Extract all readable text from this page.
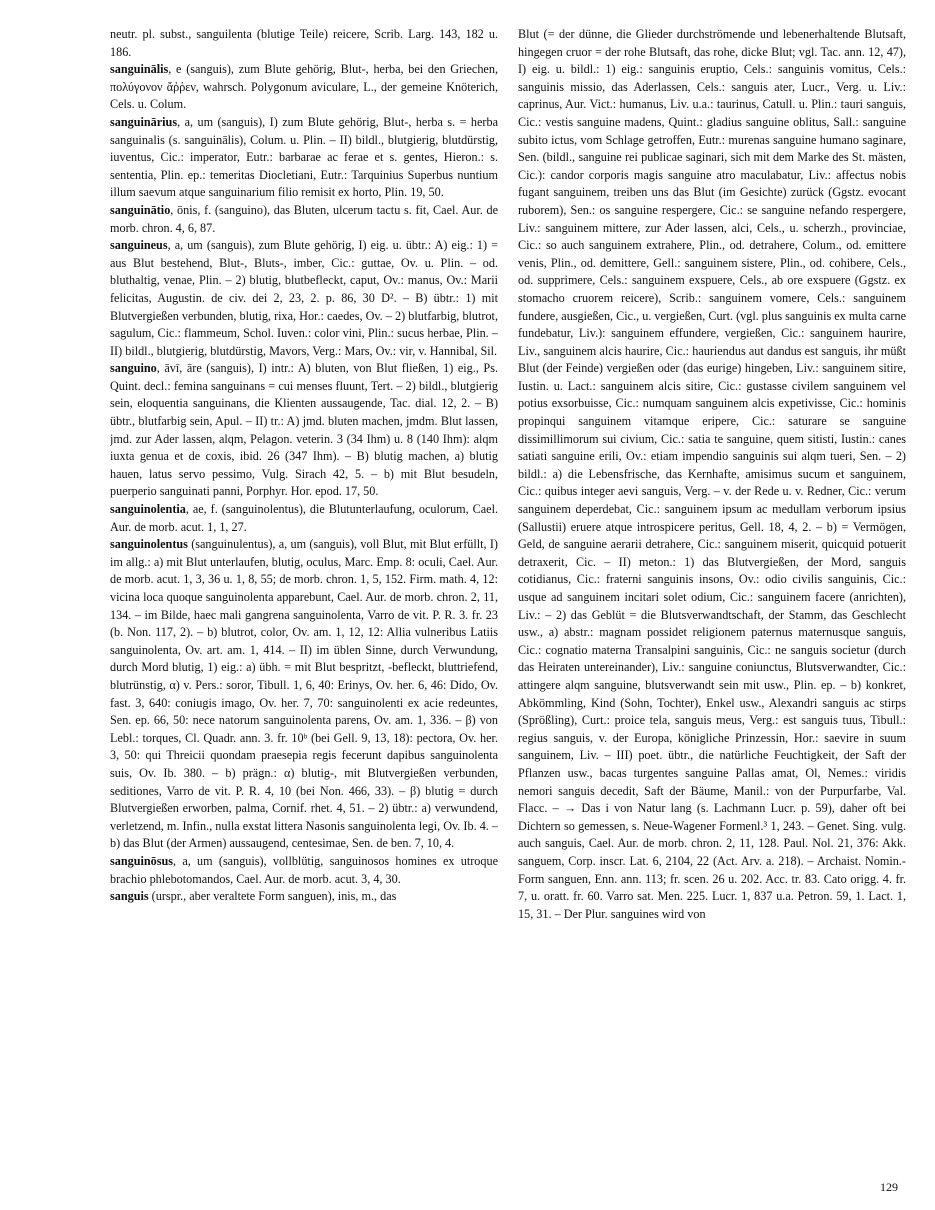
neutr. pl. subst., sanguilenta (blutige Teile) reicere, Scrib. Larg. 143, 182 u. 186.

sanguinālis, e (sanguis), zum Blute gehörig, Blut-, herba, bei den Griechen, πολύγονον ἄῤῥεν, wahrsch. Polygonum aviculare, L., der gemeine Knöterich, Cels. u. Colum.

sanguinārius, a, um (sanguis), I) zum Blute gehörig, Blut-, herba s. = herba sanguinalis (s. sanguinālis), Colum. u. Plin. – II) bildl., blutgierig, blutdürstig, iuventus, Cic.: imperator, Eutr.: barbarae ac ferae et s. gentes, Hieron.: s. sententia, Plin. ep.: temeritas Diocletiani, Eutr.: Tarquinius Superbus nuntium illum saevum atque sanguinarium filio remisit ex horto, Plin. 19, 50.

sanguinātio, ōnis, f. (sanguino), das Bluten, ulcerum tactu s. fit, Cael. Aur. de morb. chron. 4, 6, 87.

sanguineus, a, um (sanguis), zum Blute gehörig, I) eig. u. übtr.: A) eig.: 1) = aus Blut bestehend, Blut-, Bluts-, imber, Cic.: guttae, Ov. u. Plin. – od. bluthaltig, venae, Plin. – 2) blutig, blutbefleckt, caput, Ov.: manus, Ov.: Marii felicitas, Augustin. de civ. dei 2, 23, 2. p. 86, 30 D². – B) übtr.: 1) mit Blutvergießen verbunden, blutig, rixa, Hor.: caedes, Ov. – 2) blutfarbig, blutrot, sagulum, Cic.: flammeum, Schol. Iuven.: color vini, Plin.: sucus herbae, Plin. – II) bildl., blutgierig, blutdürstig, Mavors, Verg.: Mars, Ov.: vir, v. Hannibal, Sil.

sanguino, āvī, āre (sanguis), I) intr.: A) bluten, von Blut fließen, 1) eig., Ps. Quint. decl.: femina sanguinans = cui menses fluunt, Tert. – 2) bildl., blutgierig sein, eloquentia sanguinans, die Klienten aussaugende, Tac. dial. 12, 2. – B) übtr., blutfarbig sein, Apul. – II) tr.: A) jmd. bluten machen, jmdm. Blut lassen, jmd. zur Ader lassen, alqm, Pelagon. veterin. 3 (34 Ihm) u. 8 (140 Ihm): alqm iuxta genua et de coxis, ibid. 26 (347 Ihm). – B) blutig machen, a) blutig hauen, latus servo pessimo, Vulg. Sirach 42, 5. – b) mit Blut besudeln, puerperio sanguinati panni, Porphyr. Hor. epod. 17, 50.

sanguinolentia, ae, f. (sanguinolentus), die Blutunterlaufung, oculorum, Cael. Aur. de morb. acut. 1, 1, 27.

sanguinolentus (sanguinulentus), a, um (sanguis), voll Blut, mit Blut erfüllt, I) im allg.: a) mit Blut unterlaufen, blutig, oculus, Marc. Emp. 8: oculi, Cael. Aur. de morb. acut. 1, 3, 36 u. 1, 8, 55; de morb. chron. 1, 5, 152. Firm. math. 4, 12: vicina loca quoque sanguinolenta apparebunt, Cael. Aur. de morb. chron. 2, 11, 134. – im Bilde, haec mali gangrena sanguinolenta, Varro de vit. P. R. 3. fr. 23 (b. Non. 117, 2). – b) blutrot, color, Ov. am. 1, 12, 12: Allia vulneribus Latiis sanguinolenta, Ov. art. am. 1, 414. – II) im üblen Sinne, durch Verwundung, durch Mord blutig, 1) eig.: a) übh. = mit Blut bespritzt, -befleckt, bluttriefend, blutrünstig, α) v. Pers.: soror, Tibull. 1, 6, 40: Erinys, Ov. her. 6, 46: Dido, Ov. fast. 3, 640: coniugis imago, Ov. her. 7, 70: sanguinolenti ex acie redeuntes, Sen. ep. 66, 50: nece natorum sanguinolenta parens, Ov. am. 1, 336. – β) von Lebl.: torques, Cl. Quadr. ann. 3. fr. 10ᵇ (bei Gell. 9, 13, 18): pectora, Ov. her. 3, 50: qui Threicii quondam praesepia regis fecerunt dapibus sanguinolenta suis, Ov. Ib. 380. – b) prägn.: α) blutig-, mit Blutvergießen verbunden, seditiones, Varro de vit. P. R. 4, 10 (bei Non. 466, 33). – β) blutig = durch Blutvergießen erworben, palma, Cornif. rhet. 4, 51. – 2) übtr.: a) verwundend, verletzend, m. Infin., nulla exstat littera Nasonis sanguinolenta legi, Ov. Ib. 4. – b) das Blut (der Armen) aussaugend, centesimae, Sen. de ben. 7, 10, 4.

sanguinōsus, a, um (sanguis), vollblütig, sanguinosos homines ex utroque brachio phlebotomandos, Cael. Aur. de morb. acut. 3, 4, 30.

sanguis (urspr., aber veraltete Form sanguen), inis, m., das

Blut (= der dünne, die Glieder durchströmende und lebenerhaltende Blutsaft, hingegen cruor = der rohe Blutsaft, das rohe, dicke Blut; vgl. Tac. ann. 12, 47), I) eig. u. bildl.: 1) eig.: sanguinis eruptio, Cels.: sanguinis vomitus, Cels.: sanguinis missio, das Aderlassen, Cels.: sanguis ater, Lucr., Verg. u. Liv.: caprinus, Aur. Vict.: humanus, Liv. u.a.: taurinus, Catull. u. Plin.: tauri sanguis, Cic.: vestis sanguine madens, Quint.: gladius sanguine oblitus, Sall.: sanguine subito ictus, vom Schlage getroffen, Eutr.: murenas sanguine humano saginare, Sen. (bildl., sanguine rei publicae saginari, sich mit dem Marke des St. mästen, Cic.): candor corporis magis sanguine atro maculabatur, Liv.: affectus nobis fugant sanguinem, treiben uns das Blut (im Gesichte) zurück (Ggstz. evocant ruborem), Sen.: os sanguine respergere, Cic.: se sanguine nefando respergere, Liv.: sanguinem mittere, zur Ader lassen, alci, Cels., u. scherzh., provinciae, Cic.: so auch sanguinem extrahere, Plin., od. detrahere, Colum., od. emittere venis, Plin., od. demittere, Gell.: sanguinem sistere, Plin., od. cohibere, Cels., od. supprimere, Cels.: sanguinem exspuere, Cels., ab ore exspuere (Ggstz. ex stomacho cruorem reicere), Scrib.: sanguinem vomere, Cels.: sanguinem fundere, ausgießen, Cic., u. vergießen, Curt. (vgl. plus sanguinis ex multa carne fundebatur, Liv.): sanguinem effundere, vergießen, Cic.: sanguinem haurire, Liv., sanguinem alcis haurire, Cic.: hauriendus aut dandus est sanguis, ihr müßt Blut (der Feinde) vergießen oder (das eurige) hingeben, Liv.: sanguinem sitire, Iustin. u. Lact.: sanguinem alcis sitire, Cic.: gustasse civilem sanguinem vel potius exsorbuisse, Cic.: numquam sanguinem alcis expetivisse, Cic.: hominis propinqui sanguinem vitamque eripere, Cic.: saturare se sanguine dissimillimorum sui civium, Cic.: satia te sanguine, quem sitisti, Iustin.: canes satiati sanguine erili, Ov.: etiam impendio sanguinis sui alqm tueri, Sen. – 2) bildl.: a) die Lebensfrische, das Kernhafte, amisimus sucum et sanguinem, Cic.: quibus integer aevi sanguis, Verg. – v. der Rede u. v. Redner, Cic.: verum sanguinem deperdebat, Cic.: sanguinem ipsum ac medullam verborum ipsius (Sallustii) eruere atque introspicere peritus, Gell. 18, 4, 2. – b) = Vermögen, Geld, de sanguine aerarii detrahere, Cic.: sanguinem miserit, quicquid potuerit detraxerit, Cic. – II) meton.: 1) das Blutvergießen, der Mord, sanguis cotidianus, Cic.: fraterni sanguinis insons, Ov.: odio civilis sanguinis, Cic.: usque ad sanguinem incitari solet odium, Cic.: sanguinem facere (anrichten), Liv.: – 2) das Geblüt = die Blutsverwandtschaft, der Stamm, das Geschlecht usw., a) abstr.: magnam possidet religionem paternus maternusque sanguis, Cic.: cognatio materna Transalpini sanguinis, Cic.: ne sanguis societur (durch das Heiraten untereinander), Liv.: sanguine coniunctus, Blutsverwandter, Cic.: attingere alqm sanguine, blutsverwandt sein mit usw., Plin. ep. – b) konkret, Abkömmling, Kind (Sohn, Tochter), Enkel usw., Alexandri sanguis ac stirps (Sprößling), Curt.: proice tela, sanguis meus, Verg.: est sanguis tuus, Tibull.: regius sanguis, v. der Europa, königliche Prinzessin, Hor.: saevire in suum sanguinem, Liv. – III) poet. übtr., die natürliche Feuchtigkeit, der Saft der Pflanzen usw., bacas turgentes sanguine Pallas amat, Ol, Nemes.: viridis nemori sanguis decedit, Saft der Bäume, Manil.: von der Purpurfarbe, Val. Flacc. – → Das i von Natur lang (s. Lachmann Lucr. p. 59), daher oft bei Dichtern so gemessen, s. Neue-Wagener Formenl.³ 1, 243. – Genet. Sing. vulg. auch sanguis, Cael. Aur. de morb. chron. 2, 11, 128. Paul. Nol. 21, 376: Akk. sanguem, Corp. inscr. Lat. 6, 2104, 22 (Act. Arv. a. 218). – Archaist. Nomin.-Form sanguen, Enn. ann. 113; fr. scen. 26 u. 202. Acc. tr. 83. Cato origg. 4. fr. 7, u. oratt. fr. 60. Varro sat. Men. 225. Lucr. 1, 837 u.a. Petron. 59, 1. Lact. 1, 15, 31. – Der Plur. sanguines wird von

129
